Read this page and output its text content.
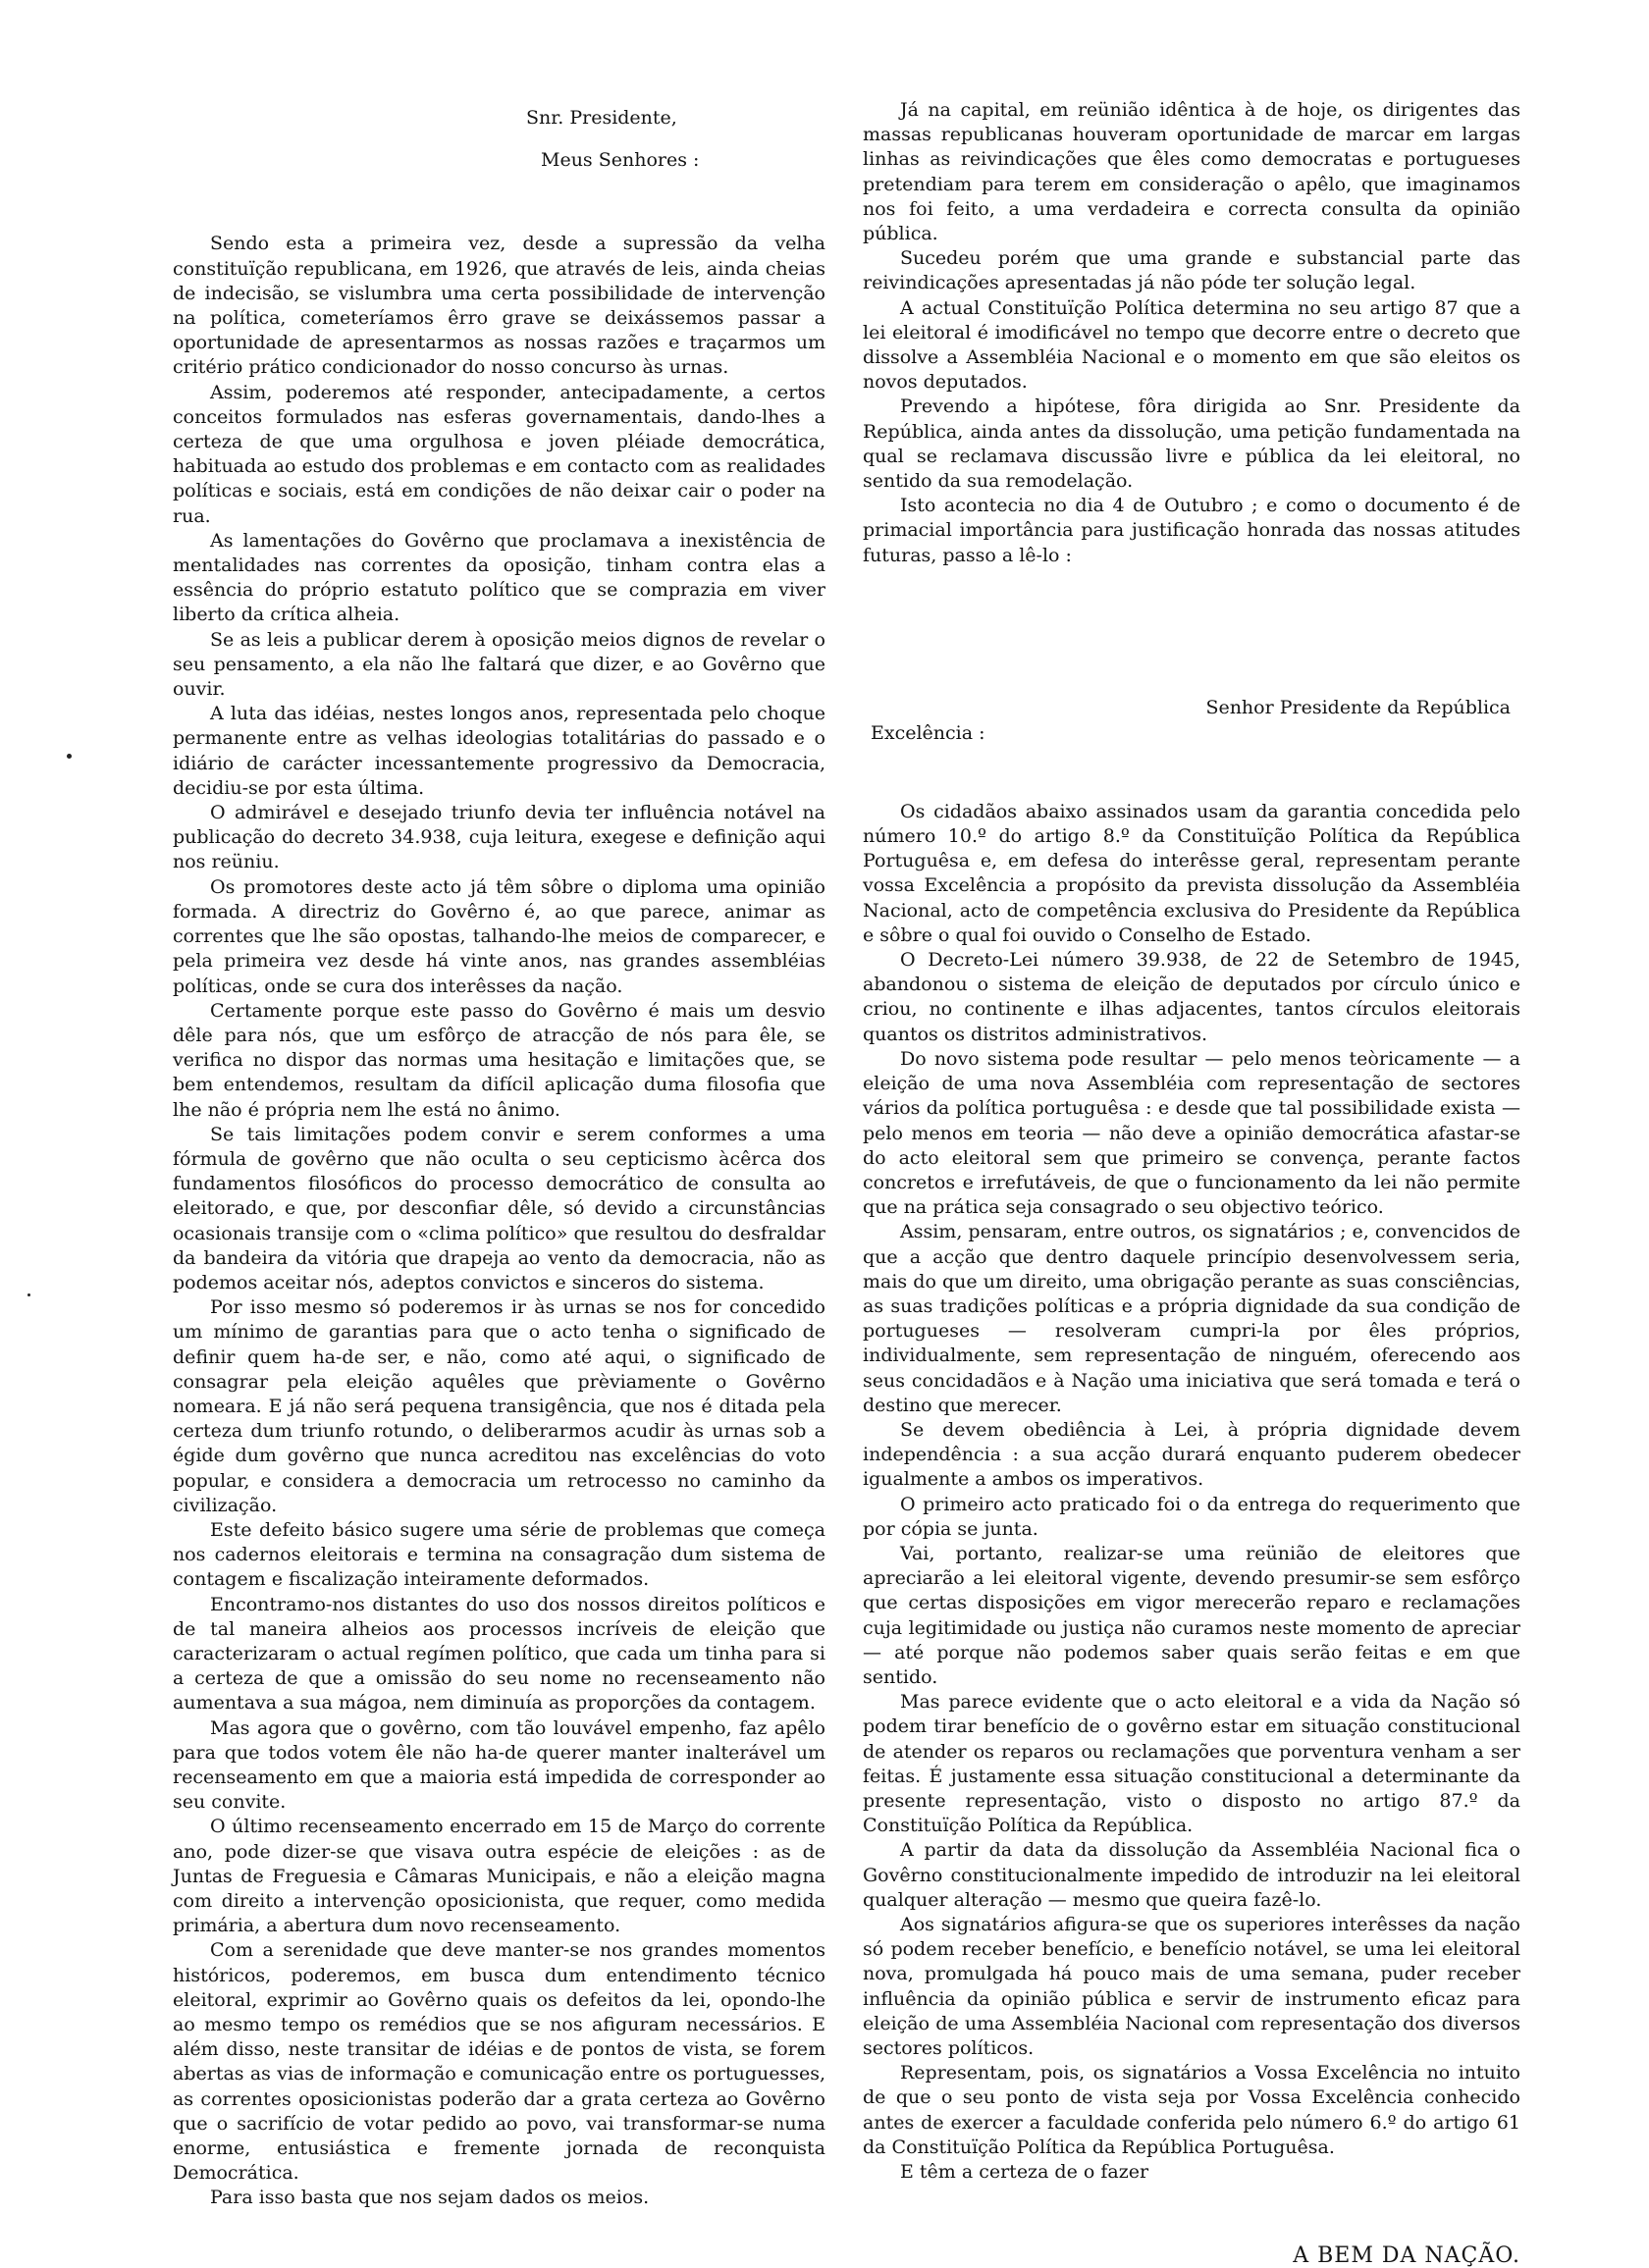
Snr. Presidente,

Meus Senhores :

Sendo esta a primeira vez, desde a supressão da velha constituïção republicana, em 1926, que através de leis, ainda cheias de indecisão, se vislumbra uma certa possibilidade de intervenção na política, cometeríamos êrro grave se deixássemos passar a oportunidade de apresentarmos as nossas razões e traçarmos um critério prático condicionador do nosso concurso às urnas.

Assim, poderemos até responder, antecipadamente, a certos conceitos formulados nas esferas governamentais, dando-lhes a certeza de que uma orgulhosa e joven pléiade democrática, habituada ao estudo dos problemas e em contacto com as realidades políticas e sociais, está em condições de não deixar cair o poder na rua.

As lamentações do Govêrno que proclamava a inexistência de mentalidades nas correntes da oposição, tinham contra elas a essência do próprio estatuto político que se comprazia em viver liberto da crítica alheia.

Se as leis a publicar derem à oposição meios dignos de revelar o seu pensamento, a ela não lhe faltará que dizer, e ao Govêrno que ouvir.

A luta das idéias, nestes longos anos, representada pelo choque permanente entre as velhas ideologias totalitárias do passado e o idiário de carácter incessantemente progressivo da Democracia, decidiu-se por esta última.

O admirável e desejado triunfo devia ter influência notável na publicação do decreto 34.938, cuja leitura, exegese e definição aqui nos reüniu.

Os promotores deste acto já têm sôbre o diploma uma opinião formada. A directriz do Govêrno é, ao que parece, animar as correntes que lhe são opostas, talhando-lhe meios de comparecer, e pela primeira vez desde há vinte anos, nas grandes assembléias políticas, onde se cura dos interêsses da nação.

Certamente porque este passo do Govêrno é mais um desvio dêle para nós, que um esfôrço de atracção de nós para êle, se verifica no dispor das normas uma hesitação e limitações que, se bem entendemos, resultam da difícil aplicação duma filosofia que lhe não é própria nem lhe está no ânimo.

Se tais limitações podem convir e serem conformes a uma fórmula de govêrno que não oculta o seu cepticismo àcêrca dos fundamentos filosóficos do processo democrático de consulta ao eleitorado, e que, por desconfiar dêle, só devido a circunstâncias ocasionais transije com o «clima político» que resultou do desfraldar da bandeira da vitória que drapeja ao vento da democracia, não as podemos aceitar nós, adeptos convictos e sinceros do sistema.

Por isso mesmo só poderemos ir às urnas se nos for concedido um mínimo de garantias para que o acto tenha o significado de definir quem ha-de ser, e não, como até aqui, o significado de consagrar pela eleição aquêles que prèviamente o Govêrno nomeara. E já não será pequena transigência, que nos é ditada pela certeza dum triunfo rotundo, o deliberarmos acudir às urnas sob a égide dum govêrno que nunca acreditou nas excelências do voto popular, e considera a democracia um retrocesso no caminho da civilização.

Este defeito básico sugere uma série de problemas que começa nos cadernos eleitorais e termina na consagração dum sistema de contagem e fiscalização inteiramente deformados.

Encontramo-nos distantes do uso dos nossos direitos políticos e de tal maneira alheios aos processos incríveis de eleição que caracterizaram o actual regímen político, que cada um tinha para si a certeza de que a omissão do seu nome no recenseamento não aumentava a sua mágoa, nem diminuía as proporções da contagem.

Mas agora que o govêrno, com tão louvável empenho, faz apêlo para que todos votem êle não ha-de querer manter inalterável um recenseamento em que a maioria está impedida de corresponder ao seu convite.

O último recenseamento encerrado em 15 de Março do corrente ano, pode dizer-se que visava outra espécie de eleições : as de Juntas de Freguesia e Câmaras Municipais, e não a eleição magna com direito a intervenção oposicionista, que requer, como medida primária, a abertura dum novo recenseamento.

Com a serenidade que deve manter-se nos grandes momentos históricos, poderemos, em busca dum entendimento técnico eleitoral, exprimir ao Govêrno quais os defeitos da lei, opondo-lhe ao mesmo tempo os remédios que se nos afiguram necessários. E além disso, neste transitar de idéias e de pontos de vista, se forem abertas as vias de informação e comunicação entre os portuguesses, as correntes oposicionistas poderão dar a grata certeza ao Govêrno que o sacrifício de votar pedido ao povo, vai transformar-se numa enorme, entusiástica e fremente jornada de reconquista Democrática.

Para isso basta que nos sejam dados os meios.

Já na capital, em reünião idêntica à de hoje, os dirigentes das massas republicanas houveram oportunidade de marcar em largas linhas as reivindicações que êles como democratas e portugueses pretendiam para terem em consideração o apêlo, que imaginamos nos foi feito, a uma verdadeira e correcta consulta da opinião pública.

Sucedeu porém que uma grande e substancial parte das reivindicações apresentadas já não póde ter solução legal.

A actual Constituïção Política determina no seu artigo 87 que a lei eleitoral é imodificável no tempo que decorre entre o decreto que dissolve a Assembléia Nacional e o momento em que são eleitos os novos deputados.

Prevendo a hipótese, fôra dirigida ao Snr. Presidente da República, ainda antes da dissolução, uma petição fundamentada na qual se reclamava discussão livre e pública da lei eleitoral, no sentido da sua remodelação.

Isto acontecia no dia 4 de Outubro ; e como o documento é de primacial importância para justificação honrada das nossas atitudes futuras, passo a lê-lo :

Senhor Presidente da República
Excelência :

Os cidadãos abaixo assinados usam da garantia concedida pelo número 10.º do artigo 8.º da Constituïção Política da República Portuguêsa e, em defesa do interêsse geral, representam perante vossa Excelência a propósito da prevista dissolução da Assembléia Nacional, acto de competência exclusiva do Presidente da República e sôbre o qual foi ouvido o Conselho de Estado.

O Decreto-Lei número 39.938, de 22 de Setembro de 1945, abandonou o sistema de eleição de deputados por círculo único e criou, no continente e ilhas adjacentes, tantos círculos eleitorais quantos os distritos administrativos.

Do novo sistema pode resultar — pelo menos teòricamente — a eleição de uma nova Assembléia com representação de sectores vários da política portuguêsa : e desde que tal possibilidade exista — pelo menos em teoria — não deve a opinião democrática afastar-se do acto eleitoral sem que primeiro se convença, perante factos concretos e irrefutáveis, de que o funcionamento da lei não permite que na prática seja consagrado o seu objectivo teórico.

Assim, pensaram, entre outros, os signatários ; e, convencidos de que a acção que dentro daquele princípio desenvolvessem seria, mais do que um direito, uma obrigação perante as suas consciências, as suas tradições políticas e a própria dignidade da sua condição de portugueses — resolveram cumpri-la por êles próprios, individualmente, sem representação de ninguém, oferecendo aos seus concidadãos e à Nação uma iniciativa que será tomada e terá o destino que merecer.

Se devem obediência à Lei, à própria dignidade devem independência : a sua acção durará enquanto puderem obedecer igualmente a ambos os imperativos.

O primeiro acto praticado foi o da entrega do requerimento que por cópia se junta.

Vai, portanto, realizar-se uma reünião de eleitores que apreciarão a lei eleitoral vigente, devendo presumir-se sem esfôrço que certas disposições em vigor merecerão reparo e reclamações cuja legitimidade ou justiça não curamos neste momento de apreciar — até porque não podemos saber quais serão feitas e em que sentido.

Mas parece evidente que o acto eleitoral e a vida da Nação só podem tirar benefício de o govêrno estar em situação constitucional de atender os reparos ou reclamações que porventura venham a ser feitas. É justamente essa situação constitucional a determinante da presente representação, visto o disposto no artigo 87.º da Constituïção Política da República.

A partir da data da dissolução da Assembléia Nacional fica o Govêrno constitucionalmente impedido de introduzir na lei eleitoral qualquer alteração — mesmo que queira fazê-lo.

Aos signatários afigura-se que os superiores interêsses da nação só podem receber benefício, e benefício notável, se uma lei eleitoral nova, promulgada há pouco mais de uma semana, puder receber influência da opinião pública e servir de instrumento eficaz para eleição de uma Assembléia Nacional com representação dos diversos sectores políticos.

Representam, pois, os signatários a Vossa Excelência no intuito de que o seu ponto de vista seja por Vossa Excelência conhecido antes de exercer a faculdade conferida pelo número 6.º do artigo 61 da Constituïção Política da República Portuguêsa.

E têm a certeza de o fazer

A BEM DA NAÇÃO.
